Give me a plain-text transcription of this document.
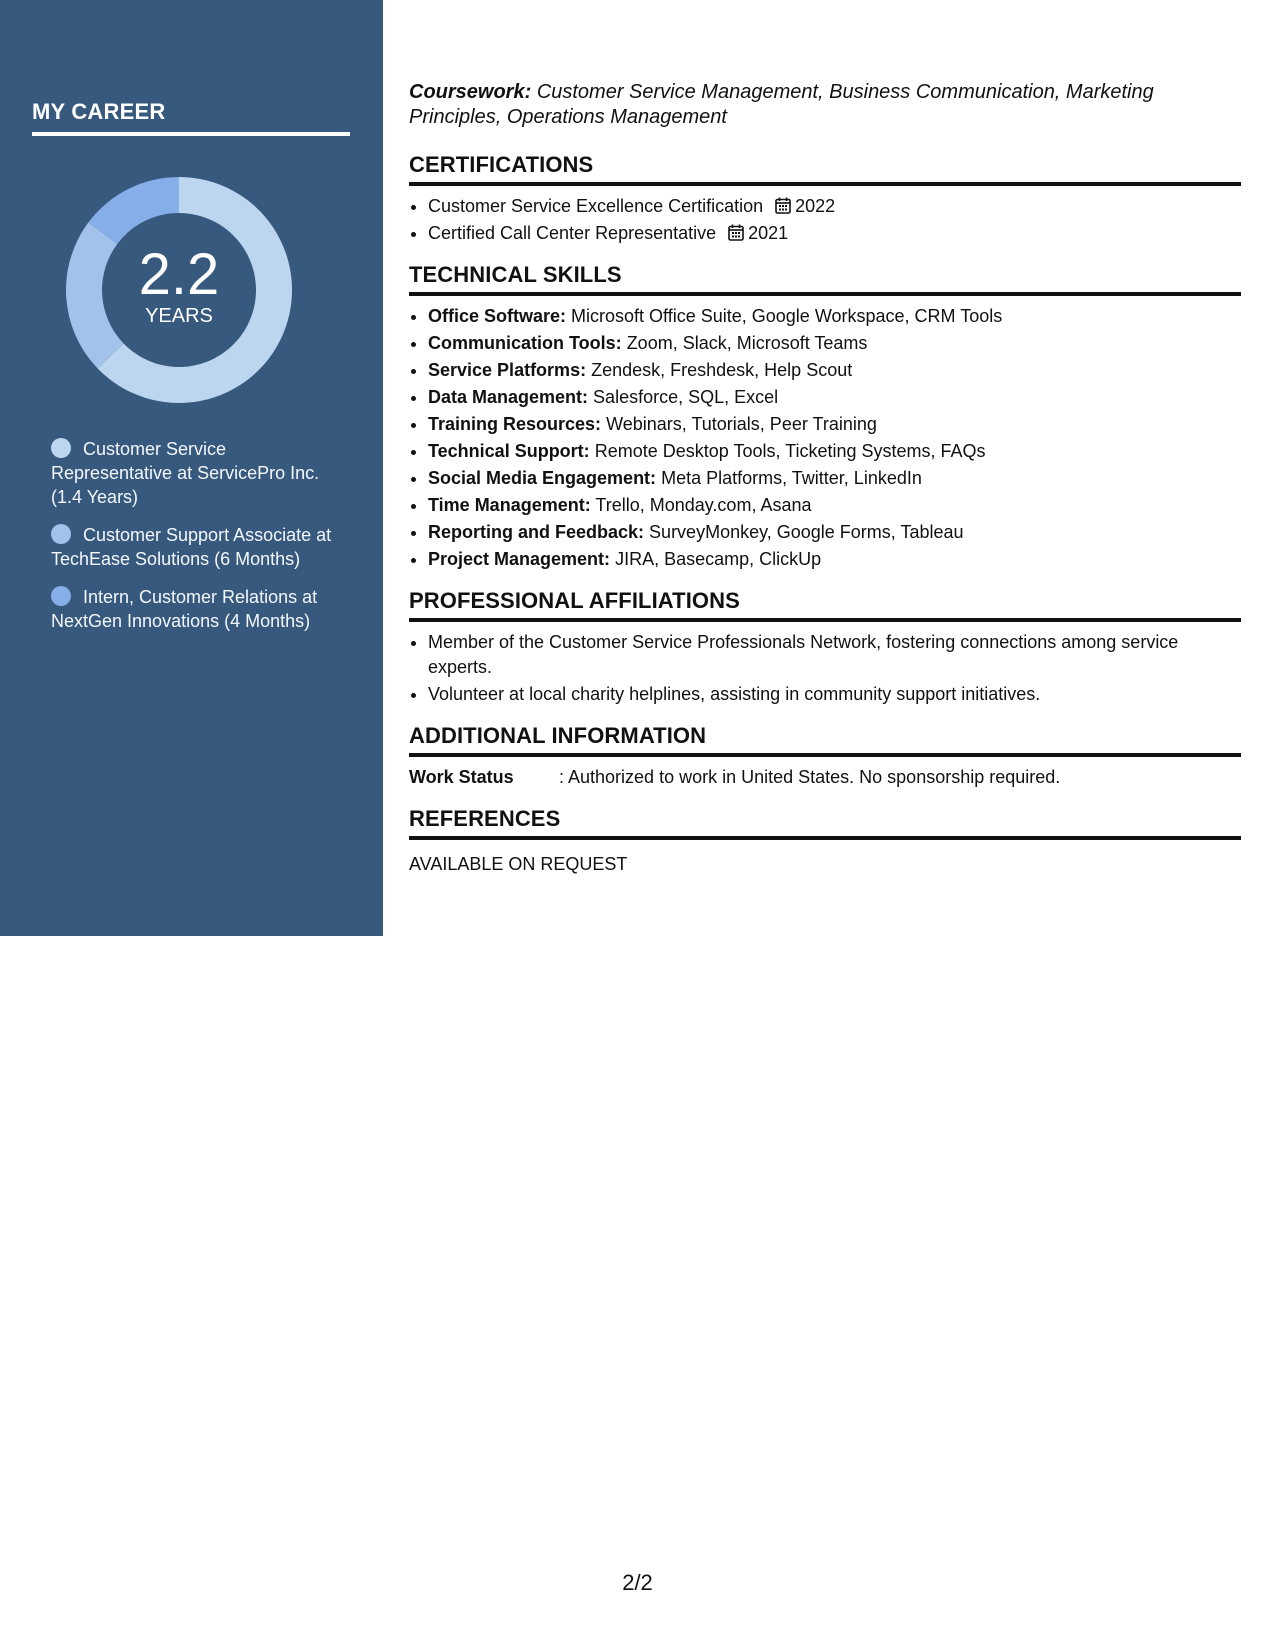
MY CAREER
2.2
YEARS
Customer Service Representative at ServicePro Inc. (1.4 Years)
Customer Support Associate at TechEase Solutions (6 Months)
Intern, Customer Relations at NextGen Innovations (4 Months)
Coursework: Customer Service Management, Business Communication, Marketing Principles, Operations Management
CERTIFICATIONS
• Customer Service Excellence Certification 2022
• Certified Call Center Representative 2021
TECHNICAL SKILLS
• Office Software: Microsoft Office Suite, Google Workspace, CRM Tools
• Communication Tools: Zoom, Slack, Microsoft Teams
• Service Platforms: Zendesk, Freshdesk, Help Scout
• Data Management: Salesforce, SQL, Excel
• Training Resources: Webinars, Tutorials, Peer Training
• Technical Support: Remote Desktop Tools, Ticketing Systems, FAQs
• Social Media Engagement: Meta Platforms, Twitter, LinkedIn
• Time Management: Trello, Monday.com, Asana
• Reporting and Feedback: SurveyMonkey, Google Forms, Tableau
• Project Management: JIRA, Basecamp, ClickUp
PROFESSIONAL AFFILIATIONS
• Member of the Customer Service Professionals Network, fostering connections among service experts.
• Volunteer at local charity helplines, assisting in community support initiatives.
ADDITIONAL INFORMATION
Work Status	: Authorized to work in United States. No sponsorship required.
REFERENCES
AVAILABLE ON REQUEST
2/2
